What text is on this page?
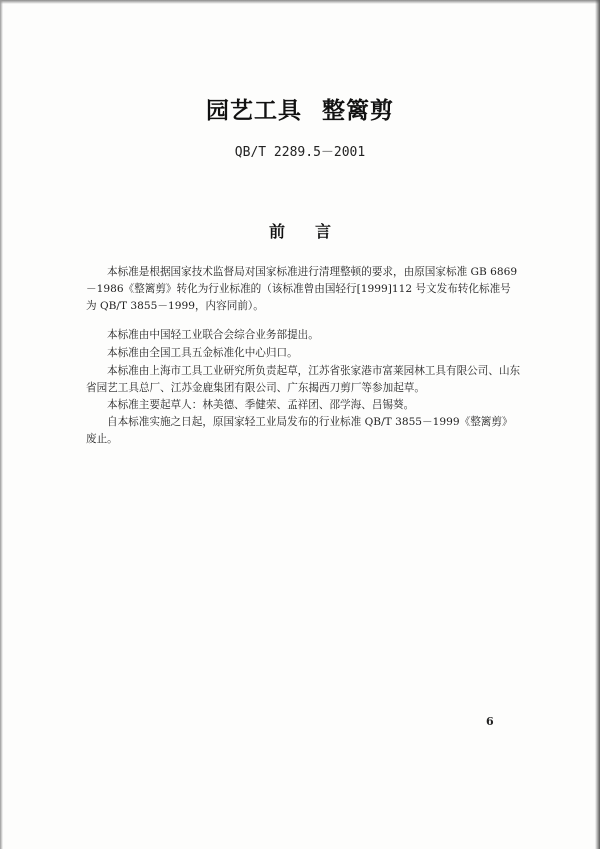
园艺工具 整篱剪
QB/T 2289.5－2001
前 言

本标准是根据国家技术监督局对国家标准进行清理整顿的要求，由原国家标准 GB 6869－1986《整篱剪》转化为行业标准的（该标准曾由国轻行[1999]112 号文发布转化标准号为 QB/T 3855－1999，内容同前）。

本标准由中国轻工业联合会综合业务部提出。

本标准由全国工具五金标准化中心归口。

本标准由上海市工具工业研究所负责起草，江苏省张家港市富莱园林工具有限公司、山东省园艺工具总厂、江苏金鹿集团有限公司、广东揭西刀剪厂等参加起草。

本标准主要起草人：林美德、季健荣、孟祥团、邵学海、吕锡葵。

自本标准实施之日起，原国家轻工业局发布的行业标准 QB/T 3855－1999《整篱剪》废止。

6
